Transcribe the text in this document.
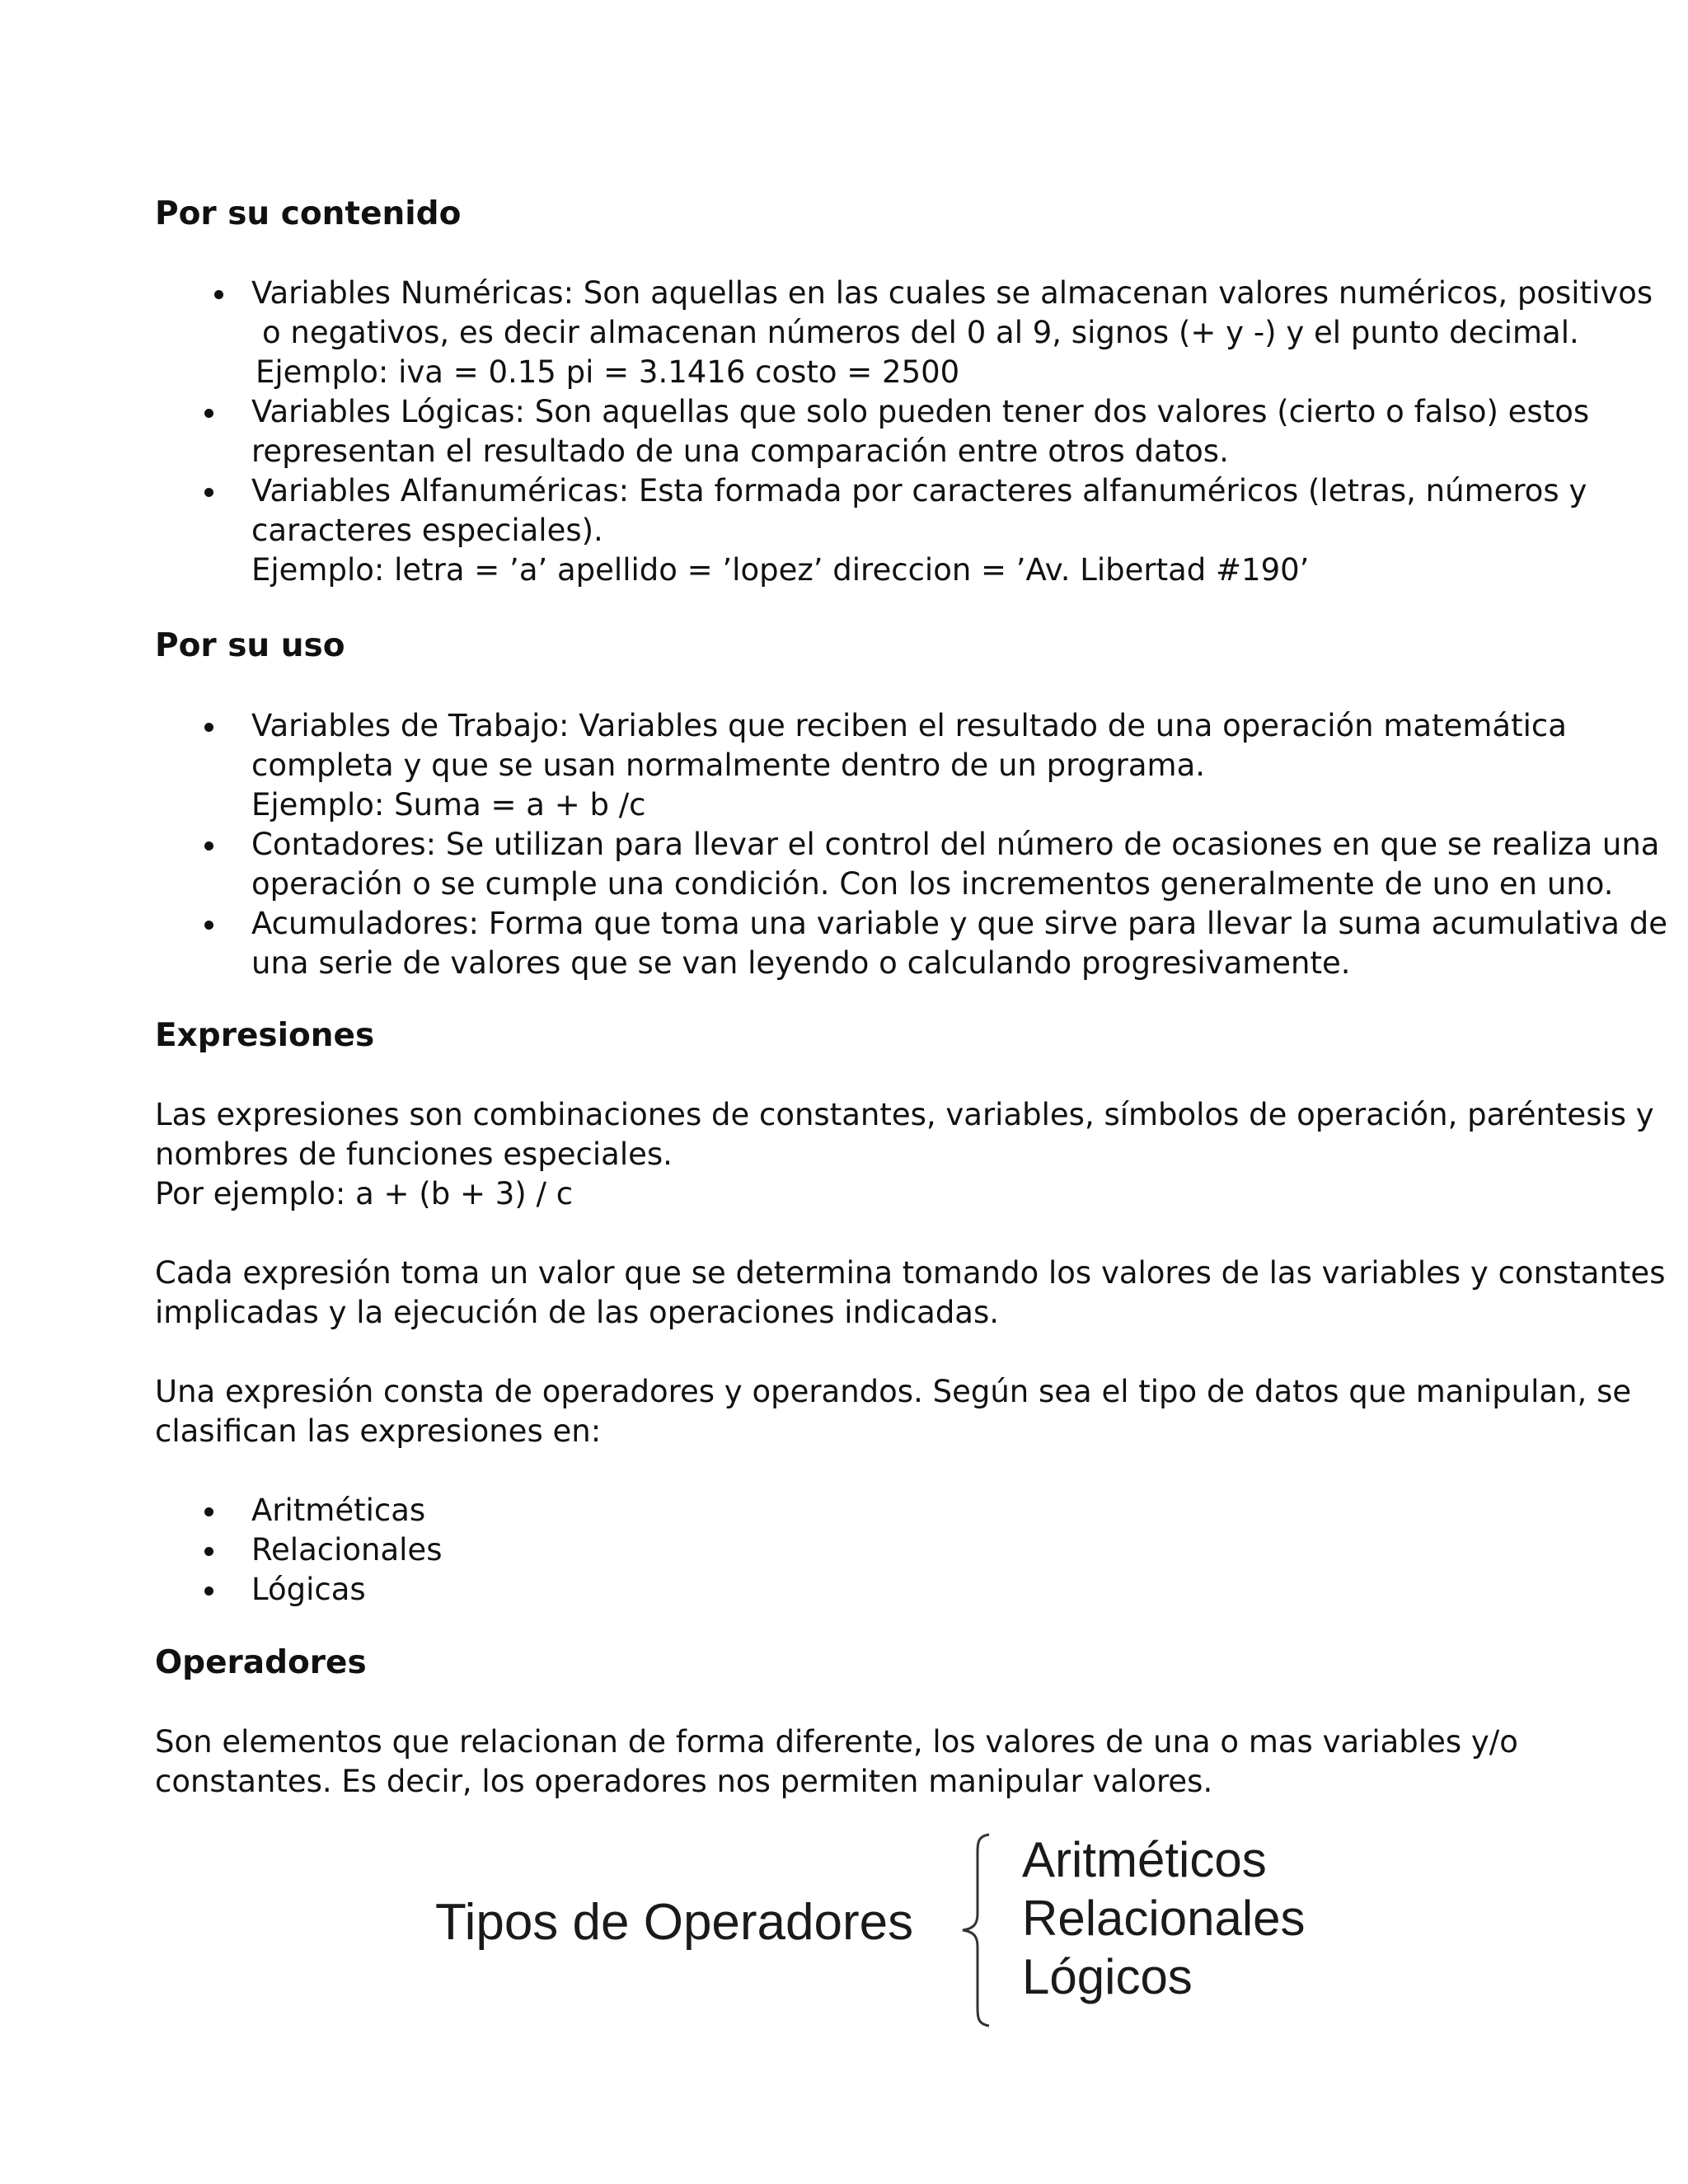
Por su contenido

Variables Numéricas: Son aquellas en las cuales se almacenan valores numéricos, positivos

o negativos, es decir almacenan números del 0 al 9, signos (+ y -) y el punto decimal.

Ejemplo: iva = 0.15 pi = 3.1416 costo = 2500

Variables Lógicas: Son aquellas que solo pueden tener dos valores (cierto o falso) estos

representan el resultado de una comparación entre otros datos.

Variables Alfanuméricas: Esta formada por caracteres alfanuméricos (letras, números y

caracteres especiales).

Ejemplo: letra = ’a’ apellido = ’lopez’ direccion = ’Av. Libertad #190’

Por su uso

Variables de Trabajo: Variables que reciben el resultado de una operación matemática

completa y que se usan normalmente dentro de un programa.

Ejemplo: Suma = a + b /c

Contadores: Se utilizan para llevar el control del número de ocasiones en que se realiza una

operación o se cumple una condición. Con los incrementos generalmente de uno en uno.

Acumuladores: Forma que toma una variable y que sirve para llevar la suma acumulativa de

una serie de valores que se van leyendo o calculando progresivamente.

Expresiones

Las expresiones son combinaciones de constantes, variables, símbolos de operación, paréntesis y

nombres de funciones especiales.

Por ejemplo: a + (b + 3) / c

Cada expresión toma un valor que se determina tomando los valores de las variables y constantes

implicadas y la ejecución de las operaciones indicadas.

Una expresión consta de operadores y operandos. Según sea el tipo de datos que manipulan, se

clasifican las expresiones en:

Aritméticas

Relacionales

Lógicas

Operadores

Son elementos que relacionan de forma diferente, los valores de una o mas variables y/o

constantes. Es decir, los operadores nos permiten manipular valores.

Tipos de Operadores
Aritméticos
Relacionales
Lógicos
